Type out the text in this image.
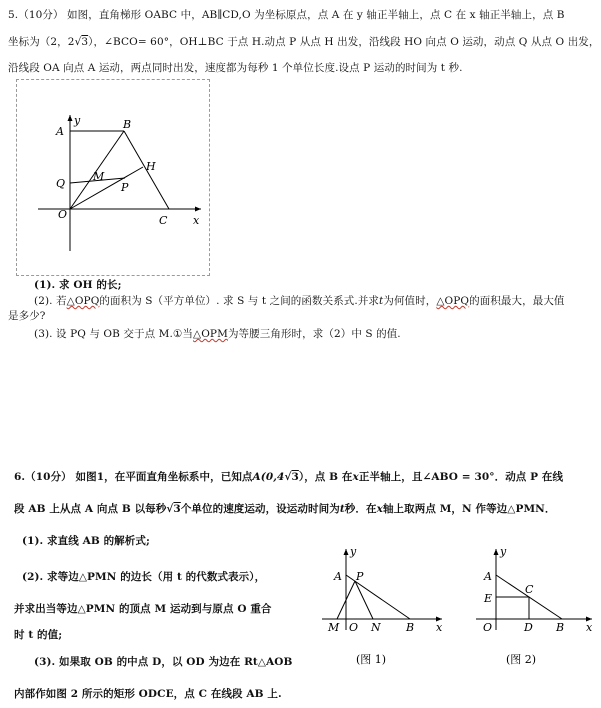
5.（10分） 如图，直角梯形 OABC 中，AB∥CD,O 为坐标原点，点 A 在 y 轴正半轴上，点 C 在 x 轴正半轴上，点 B
坐标为（2，2√3），∠BCO= 60°，OH⊥BC 于点 H.动点 P 从点 H 出发，沿线段 HO 向点 O 运动，动点 Q 从点 O 出发，
沿线段 OA 向点 A 运动，两点同时出发，速度都为每秒 1 个单位长度.设点 P 运动的时间为 t 秒.
A
y	B
Q
M
H
P
O	C x
(1). 求 OH 的长;
(2). 若△OPQ的面积为 S（平方单位）. 求 S 与 t 之间的函数关系式.并求t为何值时，△OPQ的面积最大，最大值
是多少?
(3). 设 PQ 与 OB 交于点 M.①当△OPM为等腰三角形时，求（2）中 S 的值.
6.（10分） 如图1，在平面直角坐标系中，已知点A(0,4√3），点 B 在x正半轴上，且∠ABO = 30°．动点 P 在线
段 AB 上从点 A 向点 B 以每秒√3个单位的速度运动，设运动时间为t秒．在x轴上取两点 M，N 作等边△PMN．
(1). 求直线 AB 的解析式;
(2). 求等边△PMN 的边长（用 t 的代数式表示），
并求出当等边△PMN 的顶点 M 运动到与原点 O 重合
时 t 的值;
(3). 如果取 OB 的中点 D，以 OD 为边在 Rt△AOB
内部作如图 2 所示的矩形 ODCE，点 C 在线段 AB 上.
y
A P
M O N B x
(图 1)
y
A
C
E
O	D B x
(图 2)
